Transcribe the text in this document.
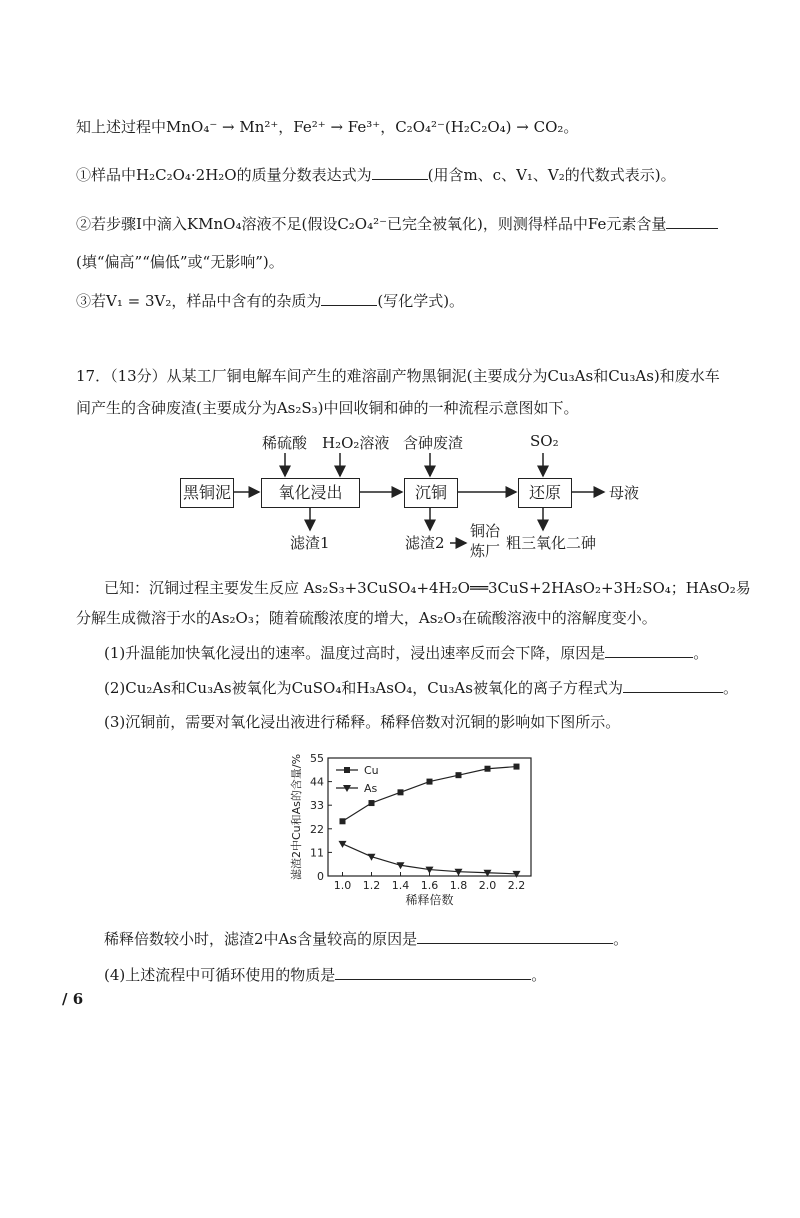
知上述过程中MnO₄⁻ → Mn²⁺，Fe²⁺ → Fe³⁺，C₂O₄²⁻(H₂C₂O₄) → CO₂。
①样品中H₂C₂O₄·2H₂O的质量分数表达式为	(用含m、c、V₁、V₂的代数式表示)。
②若步骤I中滴入KMnO₄溶液不足(假设C₂O₄²⁻已完全被氧化)，则测得样品中Fe元素含量
(填“偏高”“偏低”或“无影响”)。
③若V₁ = 3V₂，样品中含有的杂质为	(写化学式)。
17．（13分）从某工厂铜电解车间产生的难溶副产物黑铜泥(主要成分为Cu₃As和Cu₃As)和废水车
间产生的含砷废渣(主要成分为As₂S₃)中回收铜和砷的一种流程示意图如下。
黑铜泥	氧化浸出	沉铜	还原
稀硫酸 H₂O₂溶液 含砷废渣	SO₂
母液
滤渣1	滤渣2
铜冶
炼厂 粗三氧化二砷
已知：沉铜过程主要发生反应 As₂S₃+3CuSO₄+4H₂O══3CuS+2HAsO₂+3H₂SO₄；HAsO₂易
分解生成微溶于水的As₂O₃；随着硫酸浓度的增大，As₂O₃在硫酸溶液中的溶解度变小。
(1)升温能加快氧化浸出的速率。温度过高时，浸出速率反而会下降，原因是	。
(2)Cu₂As和Cu₃As被氧化为CuSO₄和H₃AsO₄，Cu₃As被氧化的离子方程式为	。
(3)沉铜前，需要对氧化浸出液进行稀释。稀释倍数对沉铜的影响如下图所示。
0
11
22
33
44
55
1.0 1.2 1.4 1.6 1.8 2.0 2.2
稀释倍数
滤渣2中Cu和As的含量/%	Cu
As
稀释倍数较小时，滤渣2中As含量较高的原因是	。
(4)上述流程中可循环使用的物质是	。
/ 6
